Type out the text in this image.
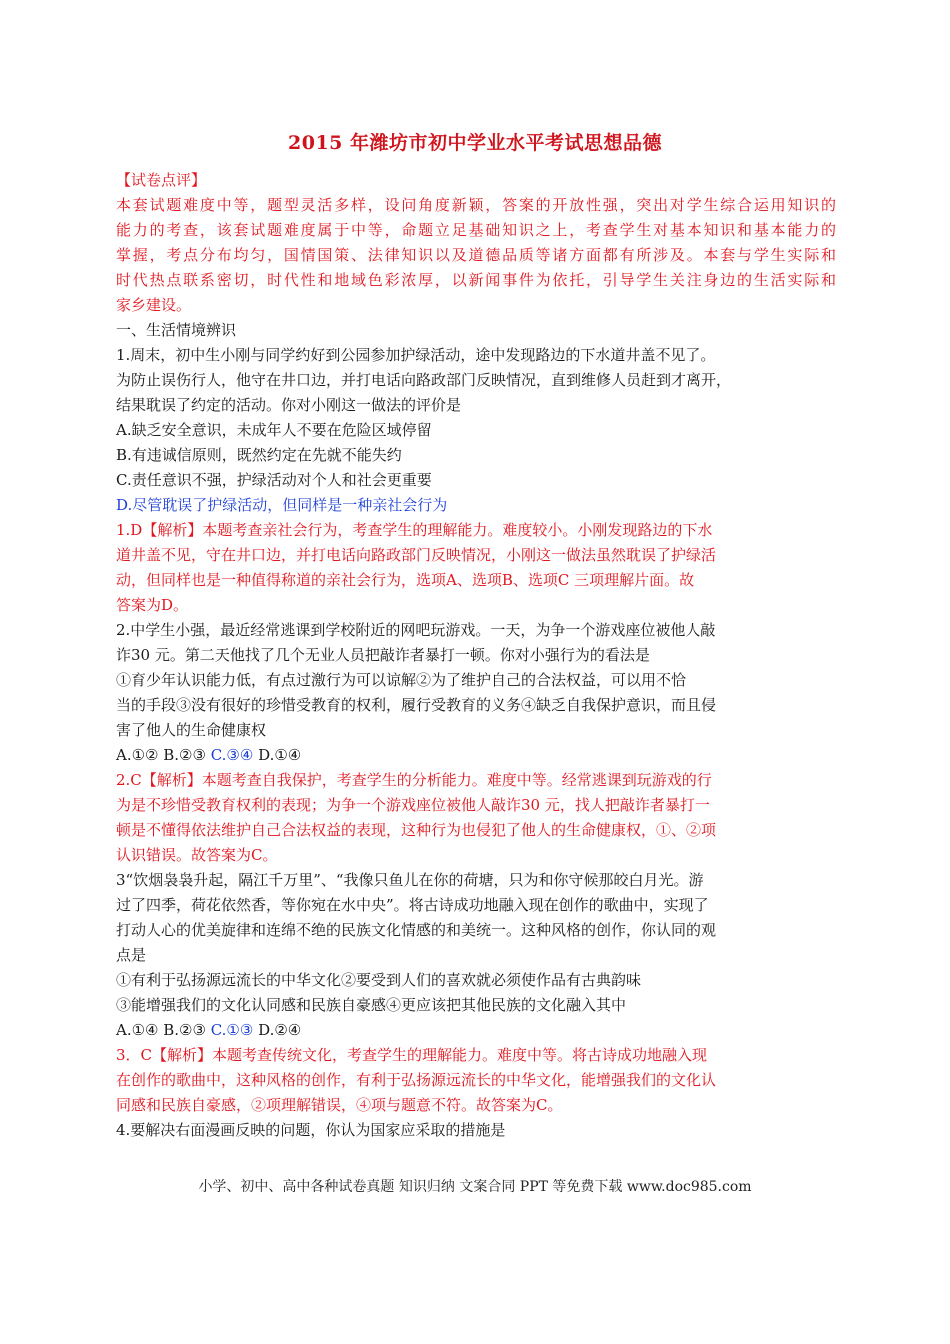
2015 年潍坊市初中学业水平考试思想品德
【试卷点评】
本套试题难度中等，题型灵活多样，设问角度新颖，答案的开放性强，突出对学生综合运用知识的
能力的考查，该套试题难度属于中等，命题立足基础知识之上，考查学生对基本知识和基本能力的
掌握，考点分布均匀，国情国策、法律知识以及道德品质等诸方面都有所涉及。本套与学生实际和
时代热点联系密切，时代性和地域色彩浓厚，以新闻事件为依托，引导学生关注身边的生活实际和
家乡建设。
一、生活情境辨识
1.周末，初中生小刚与同学约好到公园参加护绿活动，途中发现路边的下水道井盖不见了。
为防止误伤行人，他守在井口边，并打电话向路政部门反映情况，直到维修人员赶到才离开，
结果耽误了约定的活动。你对小刚这一做法的评价是
A.缺乏安全意识，未成年人不要在危险区域停留
B.有违诚信原则，既然约定在先就不能失约
C.责任意识不强，护绿活动对个人和社会更重要
D.尽管耽误了护绿活动，但同样是一种亲社会行为
1.D【解析】本题考查亲社会行为，考查学生的理解能力。难度较小。小刚发现路边的下水
道井盖不见，守在井口边，并打电话向路政部门反映情况，小刚这一做法虽然耽误了护绿活
动，但同样也是一种值得称道的亲社会行为，选项A、选项B、选项C 三项理解片面。故
答案为D。
2.中学生小强，最近经常逃课到学校附近的网吧玩游戏。一天，为争一个游戏座位被他人敲
诈30 元。第二天他找了几个无业人员把敲诈者暴打一顿。你对小强行为的看法是
①育少年认识能力低，有点过激行为可以谅解②为了维护自己的合法权益，可以用不恰
当的手段③没有很好的珍惜受教育的权利，履行受教育的义务④缺乏自我保护意识，而且侵
害了他人的生命健康权
A.①② B.②③ C.③④ D.①④
2.C【解析】本题考查自我保护，考查学生的分析能力。难度中等。经常逃课到玩游戏的行
为是不珍惜受教育权利的表现；为争一个游戏座位被他人敲诈30 元，找人把敲诈者暴打一
顿是不懂得依法维护自己合法权益的表现，这种行为也侵犯了他人的生命健康权，①、②项
认识错误。故答案为C。
3“饮烟袅袅升起，隔江千万里”、“我像只鱼儿在你的荷塘，只为和你守候那皎白月光。游
过了四季，荷花依然香，等你宛在水中央”。将古诗成功地融入现在创作的歌曲中，实现了
打动人心的优美旋律和连绵不绝的民族文化情感的和美统一。这种风格的创作，你认同的观
点是
①有利于弘扬源远流长的中华文化②要受到人们的喜欢就必须使作品有古典韵味
③能增强我们的文化认同感和民族自豪感④更应该把其他民族的文化融入其中
A.①④ B.②③ C.①③ D.②④
3．C【解析】本题考查传统文化，考查学生的理解能力。难度中等。将古诗成功地融入现
在创作的歌曲中，这种风格的创作，有利于弘扬源远流长的中华文化，能增强我们的文化认
同感和民族自豪感，②项理解错误，④项与题意不符。故答案为C。
4.要解决右面漫画反映的问题，你认为国家应采取的措施是
小学、初中、高中各种试卷真题 知识归纳 文案合同 PPT 等免费下载 www.doc985.com
